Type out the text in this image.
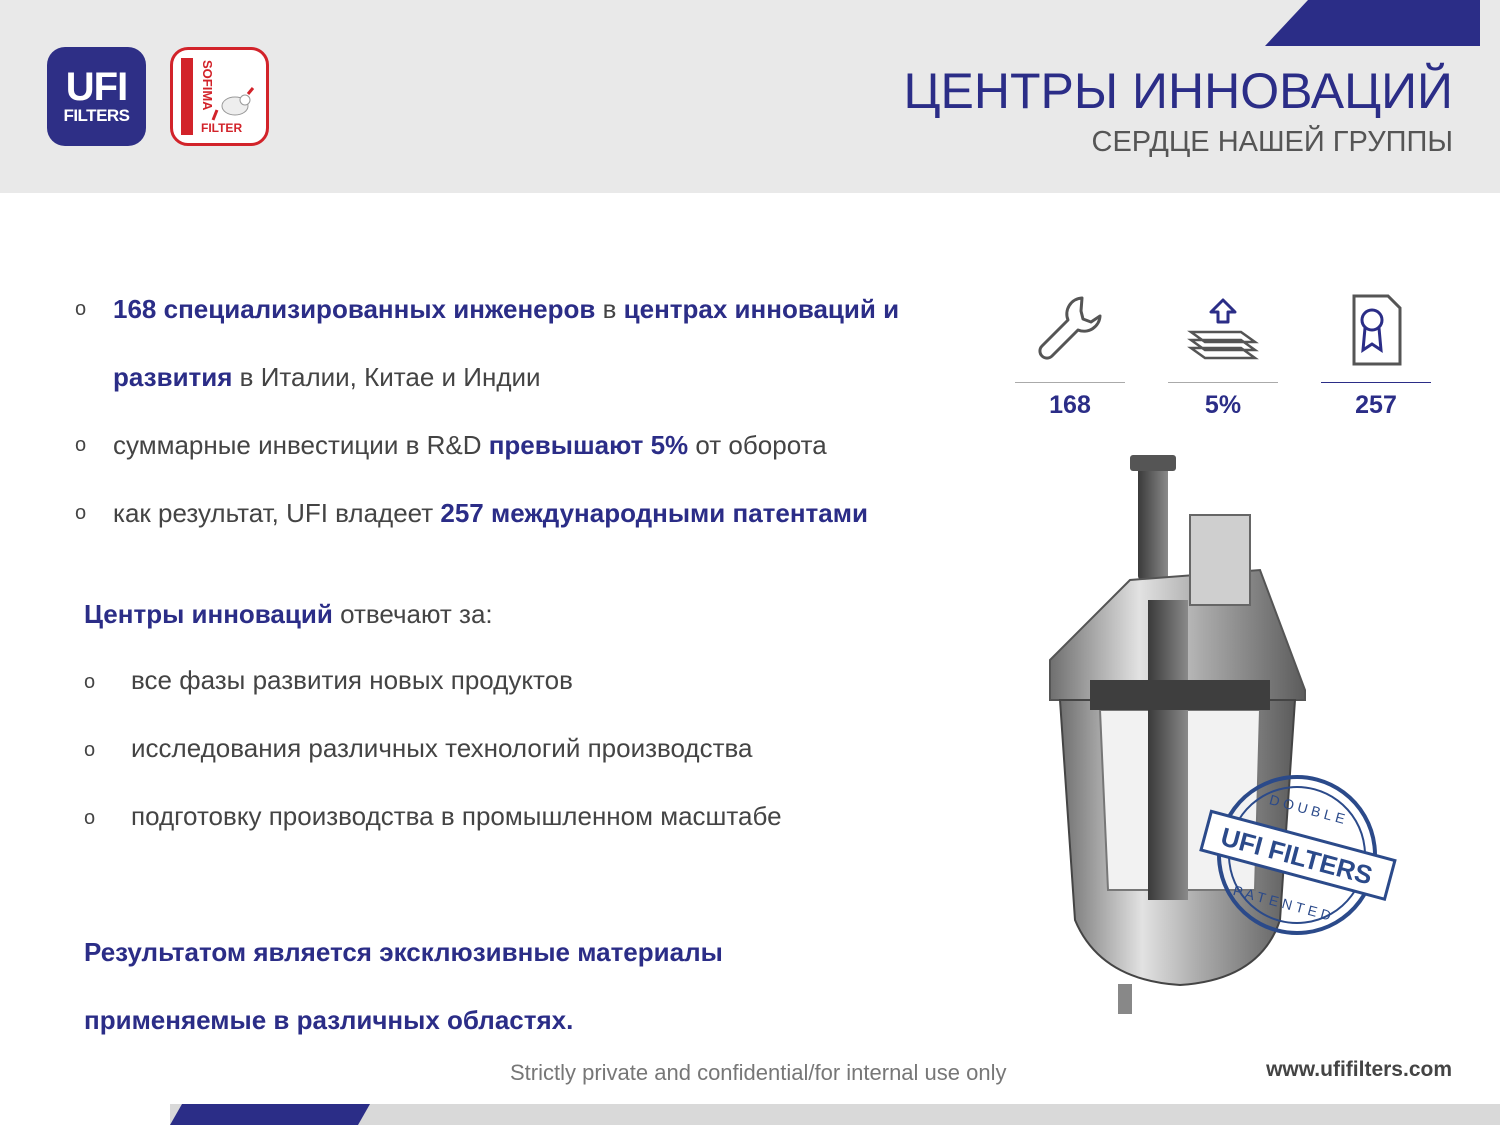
UFI
FILTERS
SOFIMA
FILTER
ЦЕНТРЫ ИННОВАЦИЙ
СЕРДЦЕ НАШЕЙ ГРУППЫ
o 168 специализированных инженеров в центрах инноваций и развития в Италии, Китае и Индии
o суммарные инвестиции в R&D превышают 5% от оборота
o как результат, UFI владеет 257 международными патентами
Центры инноваций отвечают за:
o все фазы развития новых продуктов
o исследования различных технологий производства
o подготовку производства в промышленном масштабе
Результатом является эксклюзивные материалы
применяемые в различных областях.
168	5%	257
UFI FILTERS
DOUBLE
PATENTED
Strictly private and confidential/for internal use only	www.ufifilters.com
